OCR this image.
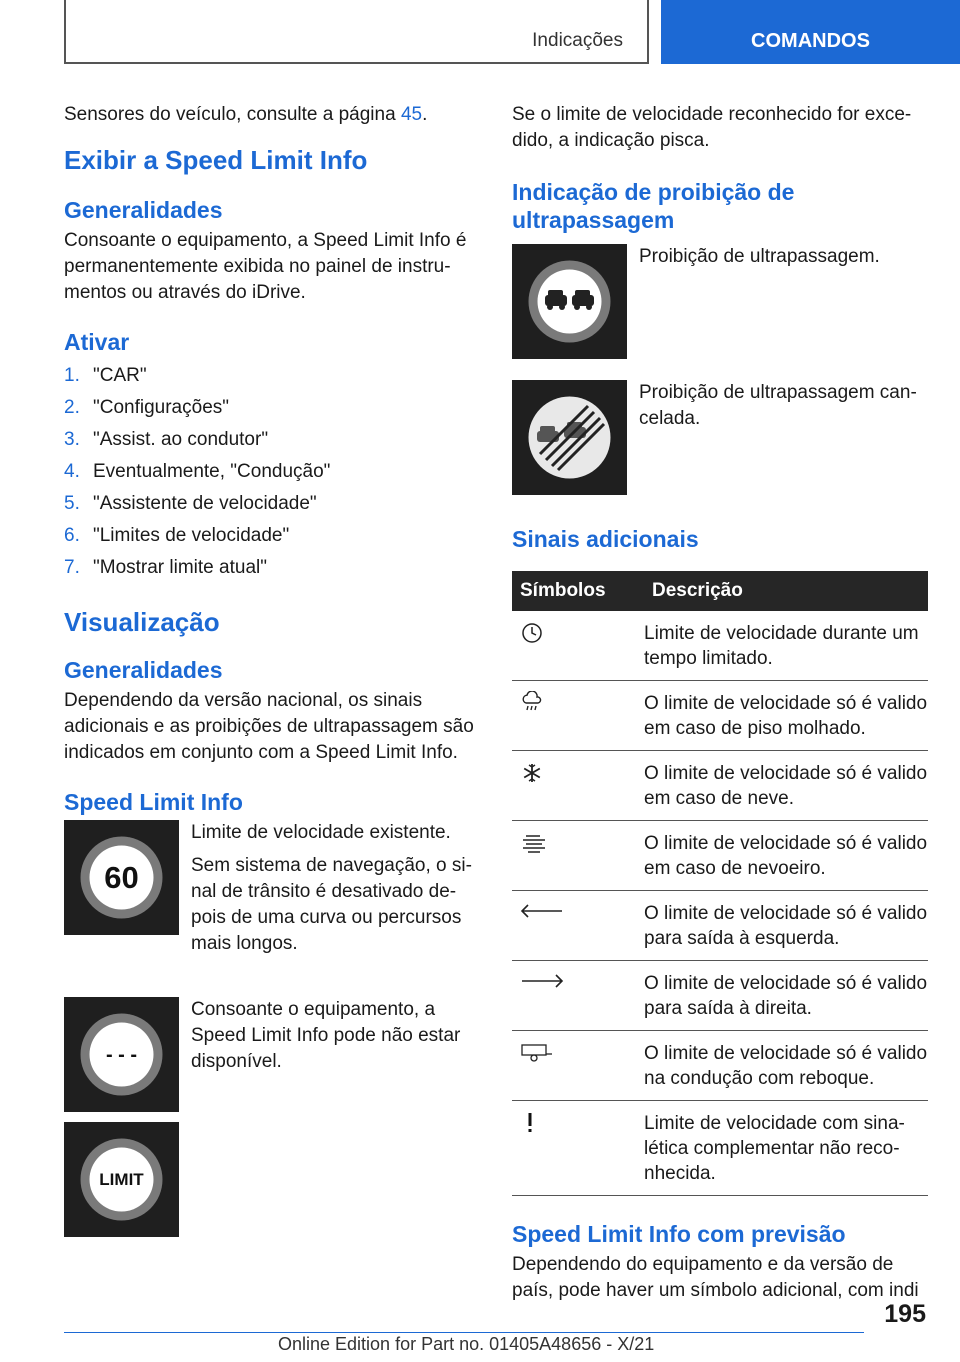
Indicações	COMANDOS

Sensores do veículo, consulte a página 45.

Exibir a Speed Limit Info
Generalidades

Consoante o equipamento, a Speed Limit Info é permanentemente exibida no painel de instrumentos ou através do iDrive.

Ativar
1. "CAR"
2. "Configurações"
3. "Assist. ao condutor"
4. Eventualmente, "Condução"
5. "Assistente de velocidade"
6. "Limites de velocidade"
7. "Mostrar limite atual"
Visualização
Generalidades

Dependendo da versão nacional, os sinais adicionais e as proibições de ultrapassagem são indicados em conjunto com a Speed Limit Info.

Speed Limit Info
60

Limite de velocidade existente.

Sem sistema de navegação, o sinal de trânsito é desativado depois de uma curva ou percursos mais longos.

- - -
LIMIT

Consoante o equipamento, a Speed Limit Info pode não estar disponível.

Se o limite de velocidade reconhecido for excedido, a indicação pisca.

Indicação de proibição de ultrapassagem

Proibição de ultrapassagem.

Proibição de ultrapassagem cancelada.

Sinais adicionais
Símbolos	Descrição
	Limite de velocidade durante um tempo limitado.
	O limite de velocidade só é valido em caso de piso molhado.
	O limite de velocidade só é valido em caso de neve.
	O limite de velocidade só é valido em caso de nevoeiro.
	O limite de velocidade só é valido para saída à esquerda.
	O limite de velocidade só é valido para saída à direita.
	O limite de velocidade só é valido na condução com reboque.
	Limite de velocidade com sinalética complementar não reconhecida.
Speed Limit Info com previsão

Dependendo do equipamento e da versão de país, pode haver um símbolo adicional, com indi

195
Online Edition for Part no. 01405A48656 - X/21
